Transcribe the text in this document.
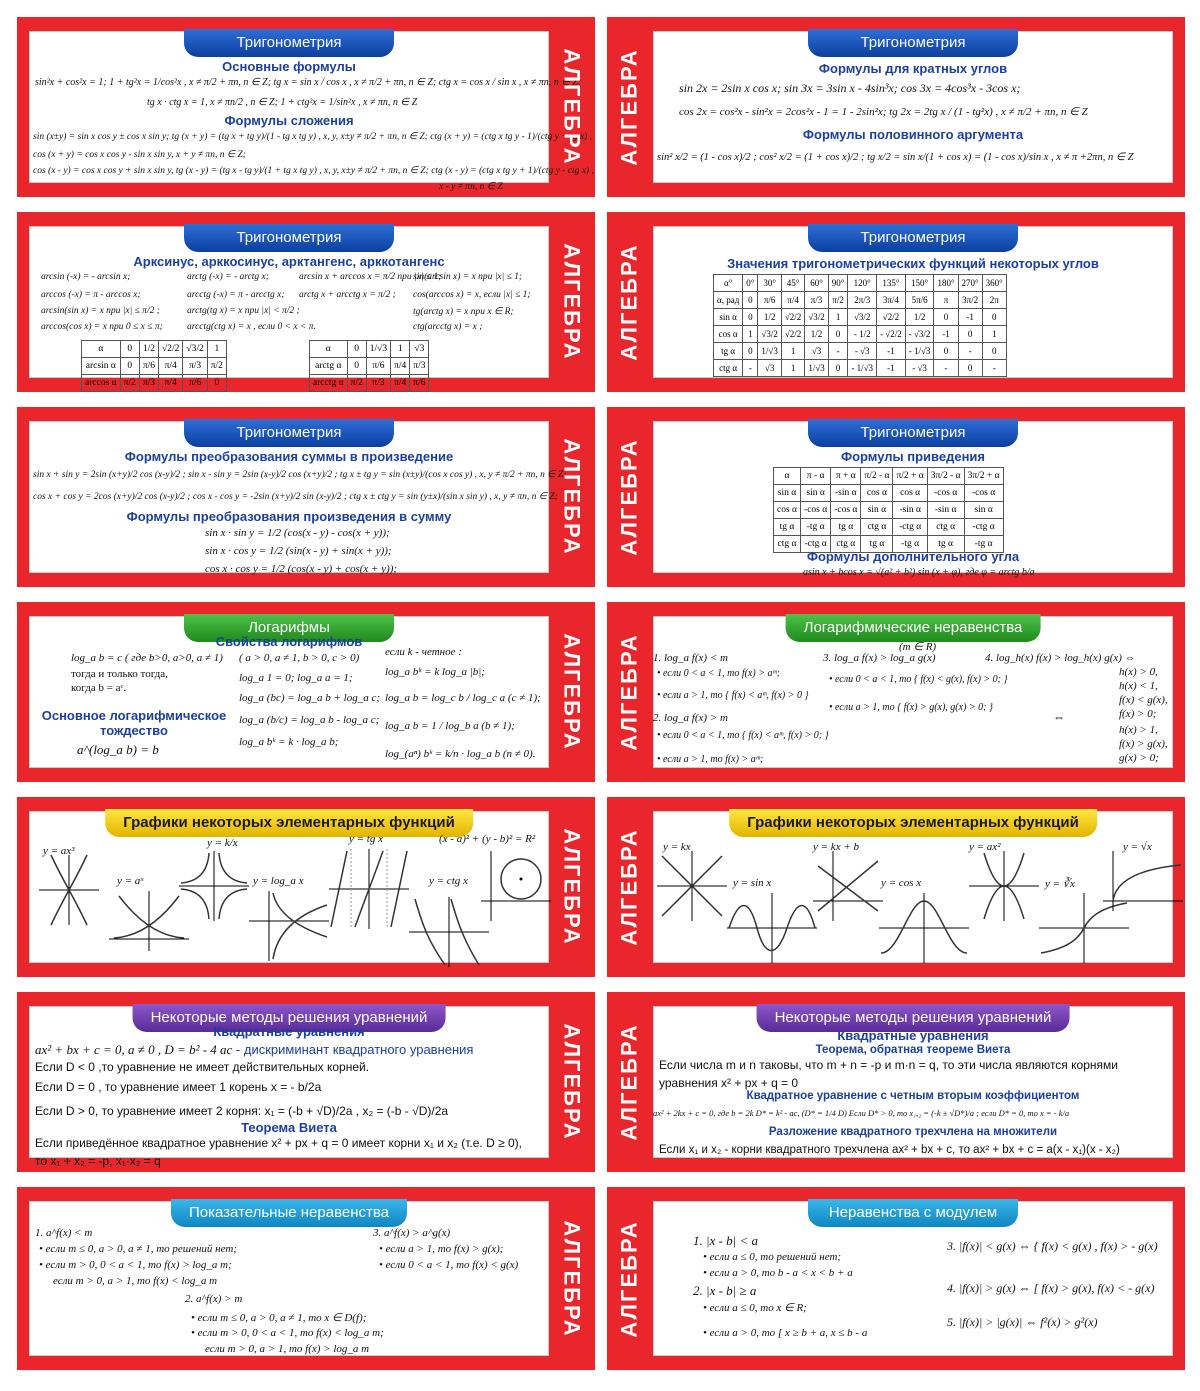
Тригонометрия
Основные формулы
sin²x + cos²x = 1; 1 + tg²x = 1/cos²x , x ≠ π/2 + πn, n ∈ Z; tg x = sin x / cos x , x ≠ π/2 + πn, n ∈ Z; ctg x = cos x / sin x , x ≠ πn, n ∈ Z;
tg x · ctg x = 1, x ≠ πn/2 , n ∈ Z; 1 + ctg²x = 1/sin²x , x ≠ πn, n ∈ Z
Формулы сложения
sin (x±y) = sin x cos y ± cos x sin y; tg (x + y) = (tg x + tg y)/(1 - tg x tg y) , x, y, x±y ≠ π/2 + πn, n ∈ Z; ctg (x + y) = (ctg x tg y - 1)/(ctg y + tg x) ,
cos (x + y) = cos x cos y - sin x sin y, x + y ≠ πn, n ∈ Z;
cos (x - y) = cos x cos y + sin x sin y, tg (x - y) = (tg x - tg y)/(1 + tg x tg y) , x, y, x±y ≠ π/2 + πn, n ∈ Z; ctg (x - y) = (ctg x tg y + 1)/(ctg y - ctg x) ,
x - y ≠ πn, n ∈ Z
АЛГЕБРА
Тригонометрия
Формулы для кратных углов
sin 2x = 2sin x cos x; sin 3x = 3sin x - 4sin³x; cos 3x = 4cos³x - 3cos x;
cos 2x = cos²x - sin²x = 2cos²x - 1 = 1 - 2sin²x; tg 2x = 2tg x / (1 - tg²x) , x ≠ π/2 + πn, n ∈ Z
Формулы половинного аргумента
sin² x/2 = (1 - cos x)/2 ; cos² x/2 = (1 + cos x)/2 ; tg x/2 = sin x/(1 + cos x) = (1 - cos x)/sin x , x ≠ π +2πn, n ∈ Z
АЛГЕБРА
Тригонометрия
Арксинус, арккосинус, арктангенс, арккотангенс
arcsin (-x) = - arcsin x;	arctg (-x) = - arctg x;	arcsin x + arccos x = π/2 при |x| ≤ 1;
sin(arcsin x) = x при |x| ≤ 1;
arccos (-x) = π - arccos x;	arcctg (-x) = π - arcctg x; arctg x + arcctg x = π/2 ; cos(arccos x) = x, если |x| ≤ 1;
arcsin(sin x) = x при |x| ≤ π/2 ;	arctg(tg x) = x при |x| < π/2 ;	tg(arctg x) = x при x ∈ R;
arccos(cos x) = x при 0 ≤ x ≤ π;	arcctg(ctg x) = x , если 0 < x < π.	ctg(arcctg x) = x ;
α	0	1/2	√2/2	√3/2	1
arcsin α	0	π/6	π/4	π/3	π/2
arccos α	π/2	π/3	π/4	π/6	0
α	0	1/√3	1	√3
arctg α	0	π/6	π/4	π/3
arcctg α	π/2	π/3	π/4	π/6
АЛГЕБРА
Тригонометрия
Значения тригонометрических функций некоторых углов
α°	0°	30°	45°	60°	90°	120°	135°	150°	180°	270°	360°
α, рад	0	π/6	π/4	π/3	π/2	2π/3	3π/4	5π/6	π	3π/2	2π
sin α	0	1/2	√2/2	√3/2	1	√3/2	√2/2	1/2	0	-1	0
cos α	1	√3/2	√2/2	1/2	0	- 1/2	- √2/2	- √3/2	-1	0	1
tg α	0	1/√3	1	√3	-	- √3	-1	- 1/√3	0	-	0
ctg α	-	√3	1	1/√3	0	- 1/√3	-1	- √3	-	0	-
АЛГЕБРА
Тригонометрия
Формулы преобразования суммы в произведение
sin x + sin y = 2sin (x+y)/2 cos (x-y)/2 ; sin x - sin y = 2sin (x-y)/2 cos (x+y)/2 ; tg x ± tg y = sin (x±y)/(cos x cos y) , x, y ≠ π/2 + πn, n ∈ Z;
cos x + cos y = 2cos (x+y)/2 cos (x-y)/2 ; cos x - cos y = -2sin (x+y)/2 sin (x-y)/2 ; ctg x ± ctg y = sin (y±x)/(sin x sin y) , x, y ≠ πn, n ∈ Z;
Формулы преобразования произведения в сумму
sin x · sin y = 1/2 (cos(x - y) - cos(x + y));
sin x · cos y = 1/2 (sin(x - y) + sin(x + y));
cos x · cos y = 1/2 (cos(x - y) + cos(x + y));
АЛГЕБРА
Тригонометрия
Формулы приведения
α	π - α	π + α	π/2 - α	π/2 + α	3π/2 - α	3π/2 + α
sin α	sin α	-sin α	cos α	cos α	-cos α	-cos α
cos α	-cos α	-cos α	sin α	-sin α	-sin α	sin α
tg α	-tg α	tg α	ctg α	-ctg α	ctg α	-ctg α
ctg α	-ctg α	ctg α	tg α	-tg α	tg α	-tg α
Формулы дополнительного угла
asin x + bcos x = √(a² + b²) sin (x + φ), где φ = arctg b/a
АЛГЕБРА
Логарифмы
Свойства логарифмов
log_a b = c ( где b>0, a>0, a ≠ 1)
тогда и только тогда,
когда b = aᶜ.
Основное логарифмическое тождество
a^(log_a b) = b
( a > 0, a ≠ 1, b > 0, c > 0)
log_a 1 = 0; log_a a = 1;
log_a (bc) = log_a b + log_a c;
log_a (b/c) = log_a b - log_a c;
log_a bᵏ = k · log_a b;
если k - четное :
log_a bᵏ = k log_a |b|;
log_a b = log_c b / log_c a (c ≠ 1);
log_a b = 1 / log_b a (b ≠ 1);
log_(aⁿ) bᵏ = k/n · log_a b (n ≠ 0).
АЛГЕБРА
Логарифмические неравенства
(m ∈ R)
1. log_a f(x) < m
• если 0 < a < 1, то f(x) > aᵐ;
• если a > 1, то { f(x) < aᵐ, f(x) > 0 }
2. log_a f(x) > m
• если 0 < a < 1, то { f(x) < aᵐ, f(x) > 0; }
• если a > 1, то f(x) > aᵐ;
3. log_a f(x) > log_a g(x)
• если 0 < a < 1, то { f(x) < g(x), f(x) > 0; }
• если a > 1, то { f(x) > g(x), g(x) > 0; }
4. log_h(x) f(x) > log_h(x) g(x) ⇔
h(x) > 0,
h(x) < 1,
f(x) < g(x),
f(x) > 0;
h(x) > 1,
f(x) > g(x),
g(x) > 0;
⇔
АЛГЕБРА
Графики некоторых элементарных функций
y = ax³
y = aˣ
y = k/x
y = log_a x
y = tg x
y = ctg x
(x - a)² + (y - b)² = R² АЛГЕБРА
Графики некоторых элементарных функций
y = kx
y = sin x
y = kx + b
y = cos x
y = ax²
y = ∛x
y = √x
АЛГЕБРА
Некоторые методы решения уравнений
Квадратные уравнения
ax² + bx + c = 0, a ≠ 0 , D = b² - 4 ac - дискриминант квадратного уравнения
Если D < 0 ,то уравнение не имеет действительных корней.
Если D = 0 , то уравнение имеет 1 корень x = - b/2a
Если D > 0, то уравнение имеет 2 корня: x₁ = (-b + √D)/2a , x₂ = (-b - √D)/2a
Теорема Виета
Если приведённое квадратное уравнение x² + px + q = 0 имеет корни x₁ и x₂ (т.е. D ≥ 0),
то x₁ + x₂ = -p, x₁·x₂ = q
АЛГЕБРА
Некоторые методы решения уравнений
Квадратные уравнения
Теорема, обратная теореме Виета
Если числа m и n таковы, что m + n = -p и m·n = q, то эти числа являются корнями
уравнения x² + px + q = 0
Квадратное уравнение с четным вторым коэффициентом
ax² + 2kx + c = 0, где b = 2k D* = k² - ac, (D* = 1/4 D) Если D* > 0, то x₁,₂ = (-k ± √D*)/a ; если D* = 0, то x = - k/a
Разложение квадратного трехчлена на множители
Если x₁ и x₂ - корни квадратного трехчлена ax² + bx + c, то ax² + bx + c = a(x - x₁)(x - x₂)
АЛГЕБРА
Показательные неравенства
1. a^f(x) < m
• если m ≤ 0, a > 0, a ≠ 1, то решений нет;
• если m > 0, 0 < a < 1, то f(x) > log_a m;
если m > 0, a > 1, то f(x) < log_a m
2. a^f(x) > m
• если m ≤ 0, a > 0, a ≠ 1, то x ∈ D(f);
• если m > 0, 0 < a < 1, то f(x) < log_a m;
если m > 0, a > 1, то f(x) > log_a m
3. a^f(x) > a^g(x)
• если a > 1, то f(x) > g(x);
• если 0 < a < 1, то f(x) < g(x) АЛГЕБРА
Неравенства с модулем
1. |x - b| < a
• если a ≤ 0, то решений нет;
• если a > 0, то b - a < x < b + a
2. |x - b| ≥ a
• если a ≤ 0, то x ∈ R;
• если a > 0, то [ x ≥ b + a, x ≤ b - a
3. |f(x)| < g(x) ⇔ { f(x) < g(x) , f(x) > - g(x)
4. |f(x)| > g(x) ⇔ [ f(x) > g(x), f(x) < - g(x)
5. |f(x)| > |g(x)| ⇔ f²(x) > g²(x)
АЛГЕБРА
